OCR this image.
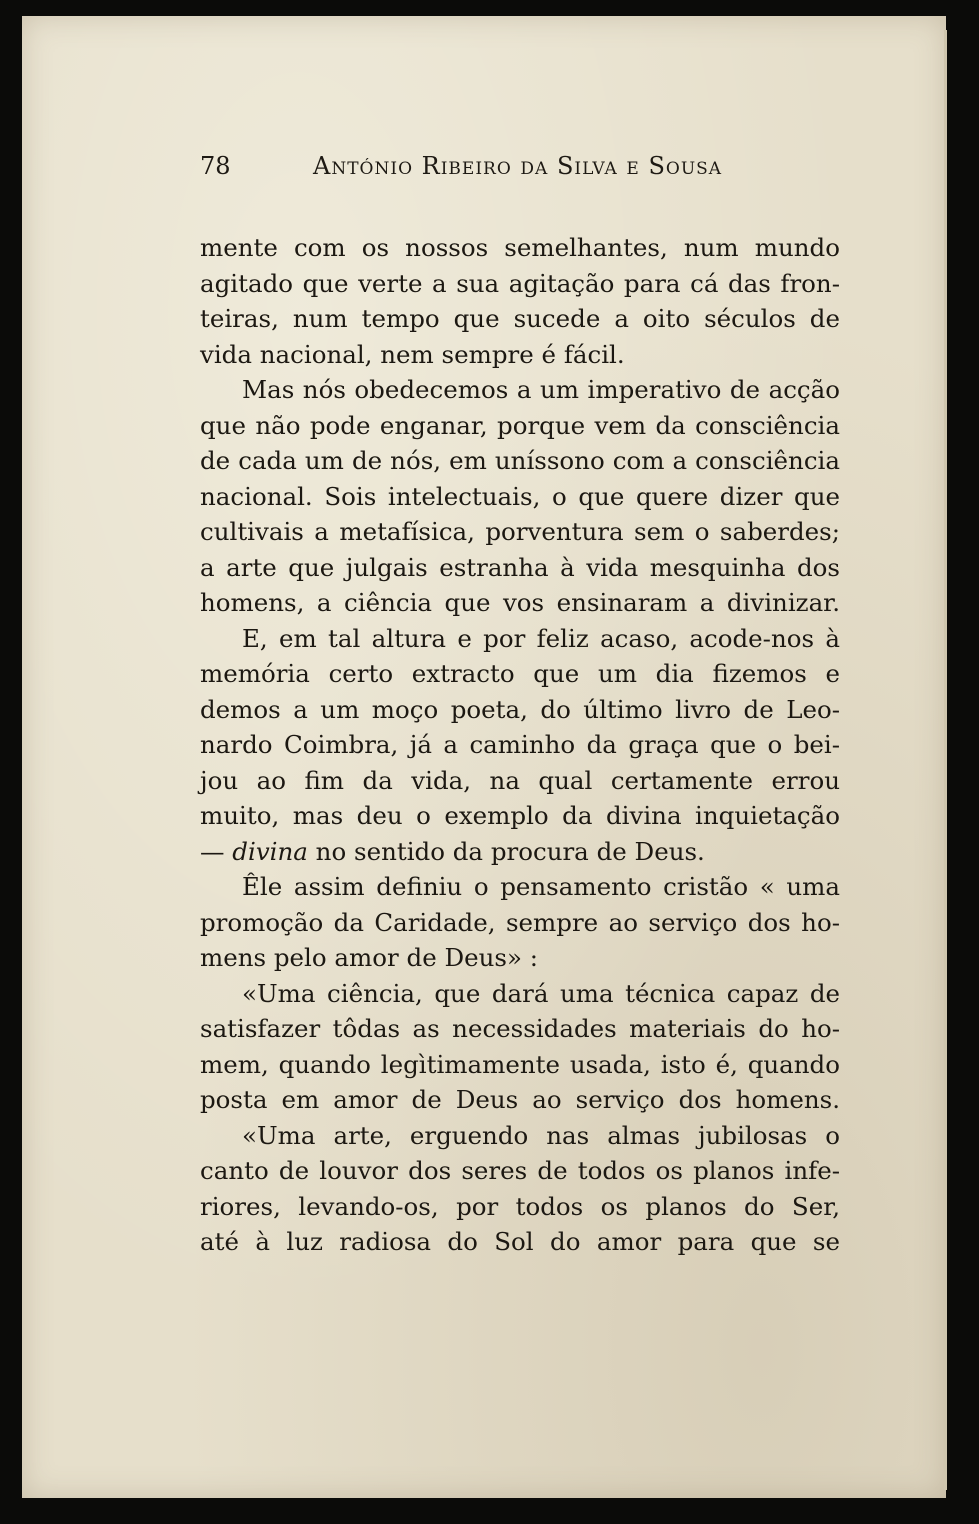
78	António Ribeiro da Silva e Sousa
mente com os nossos semelhantes, num mundo
agitado que verte a sua agitação para cá das fron-
teiras, num tempo que sucede a oito séculos de
vida nacional, nem sempre é fácil.
Mas nós obedecemos a um imperativo de acção
que não pode enganar, porque vem da consciência
de cada um de nós, em uníssono com a consciência
nacional. Sois intelectuais, o que quere dizer que
cultivais a metafísica, porventura sem o saberdes;
a arte que julgais estranha à vida mesquinha dos
homens, a ciência que vos ensinaram a divinizar.
E, em tal altura e por feliz acaso, acode-nos à
memória certo extracto que um dia fizemos e
demos a um moço poeta, do último livro de Leo-
nardo Coimbra, já a caminho da graça que o bei-
jou ao fim da vida, na qual certamente errou
muito, mas deu o exemplo da divina inquietação
— divina no sentido da procura de Deus.
Êle assim definiu o pensamento cristão « uma
promoção da Caridade, sempre ao serviço dos ho-
mens pelo amor de Deus» :
«Uma ciência, que dará uma técnica capaz de
satisfazer tôdas as necessidades materiais do ho-
mem, quando legìtimamente usada, isto é, quando
posta em amor de Deus ao serviço dos homens.
«Uma arte, erguendo nas almas jubilosas o
canto de louvor dos seres de todos os planos infe-
riores, levando-os, por todos os planos do Ser,
até à luz radiosa do Sol do amor para que se
